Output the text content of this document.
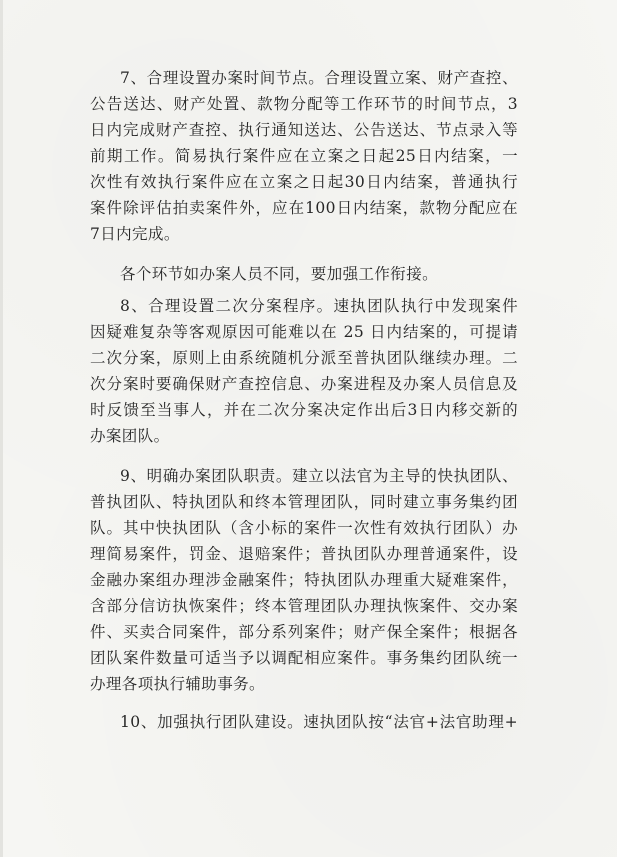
7、合理设置办案时间节点。合理设置立案、财产查控、
公告送达、财产处置、款物分配等工作环节的时间节点，3
日内完成财产查控、执行通知送达、公告送达、节点录入等
前期工作。简易执行案件应在立案之日起25日内结案，一
次性有效执行案件应在立案之日起30日内结案，普通执行
案件除评估拍卖案件外，应在100日内结案，款物分配应在
7日内完成。
各个环节如办案人员不同，要加强工作衔接。
8、合理设置二次分案程序。速执团队执行中发现案件
因疑难复杂等客观原因可能难以在 25 日内结案的，可提请
二次分案，原则上由系统随机分派至普执团队继续办理。二
次分案时要确保财产查控信息、办案进程及办案人员信息及
时反馈至当事人，并在二次分案决定作出后3日内移交新的
办案团队。
9、明确办案团队职责。建立以法官为主导的快执团队、
普执团队、特执团队和终本管理团队，同时建立事务集约团
队。其中快执团队（含小标的案件一次性有效执行团队）办
理简易案件，罚金、退赔案件；普执团队办理普通案件，设
金融办案组办理涉金融案件；特执团队办理重大疑难案件，
含部分信访执恢案件；终本管理团队办理执恢案件、交办案
件、买卖合同案件，部分系列案件；财产保全案件；根据各
团队案件数量可适当予以调配相应案件。事务集约团队统一
办理各项执行辅助事务。
10、加强执行团队建设。速执团队按“法官+法官助理+
